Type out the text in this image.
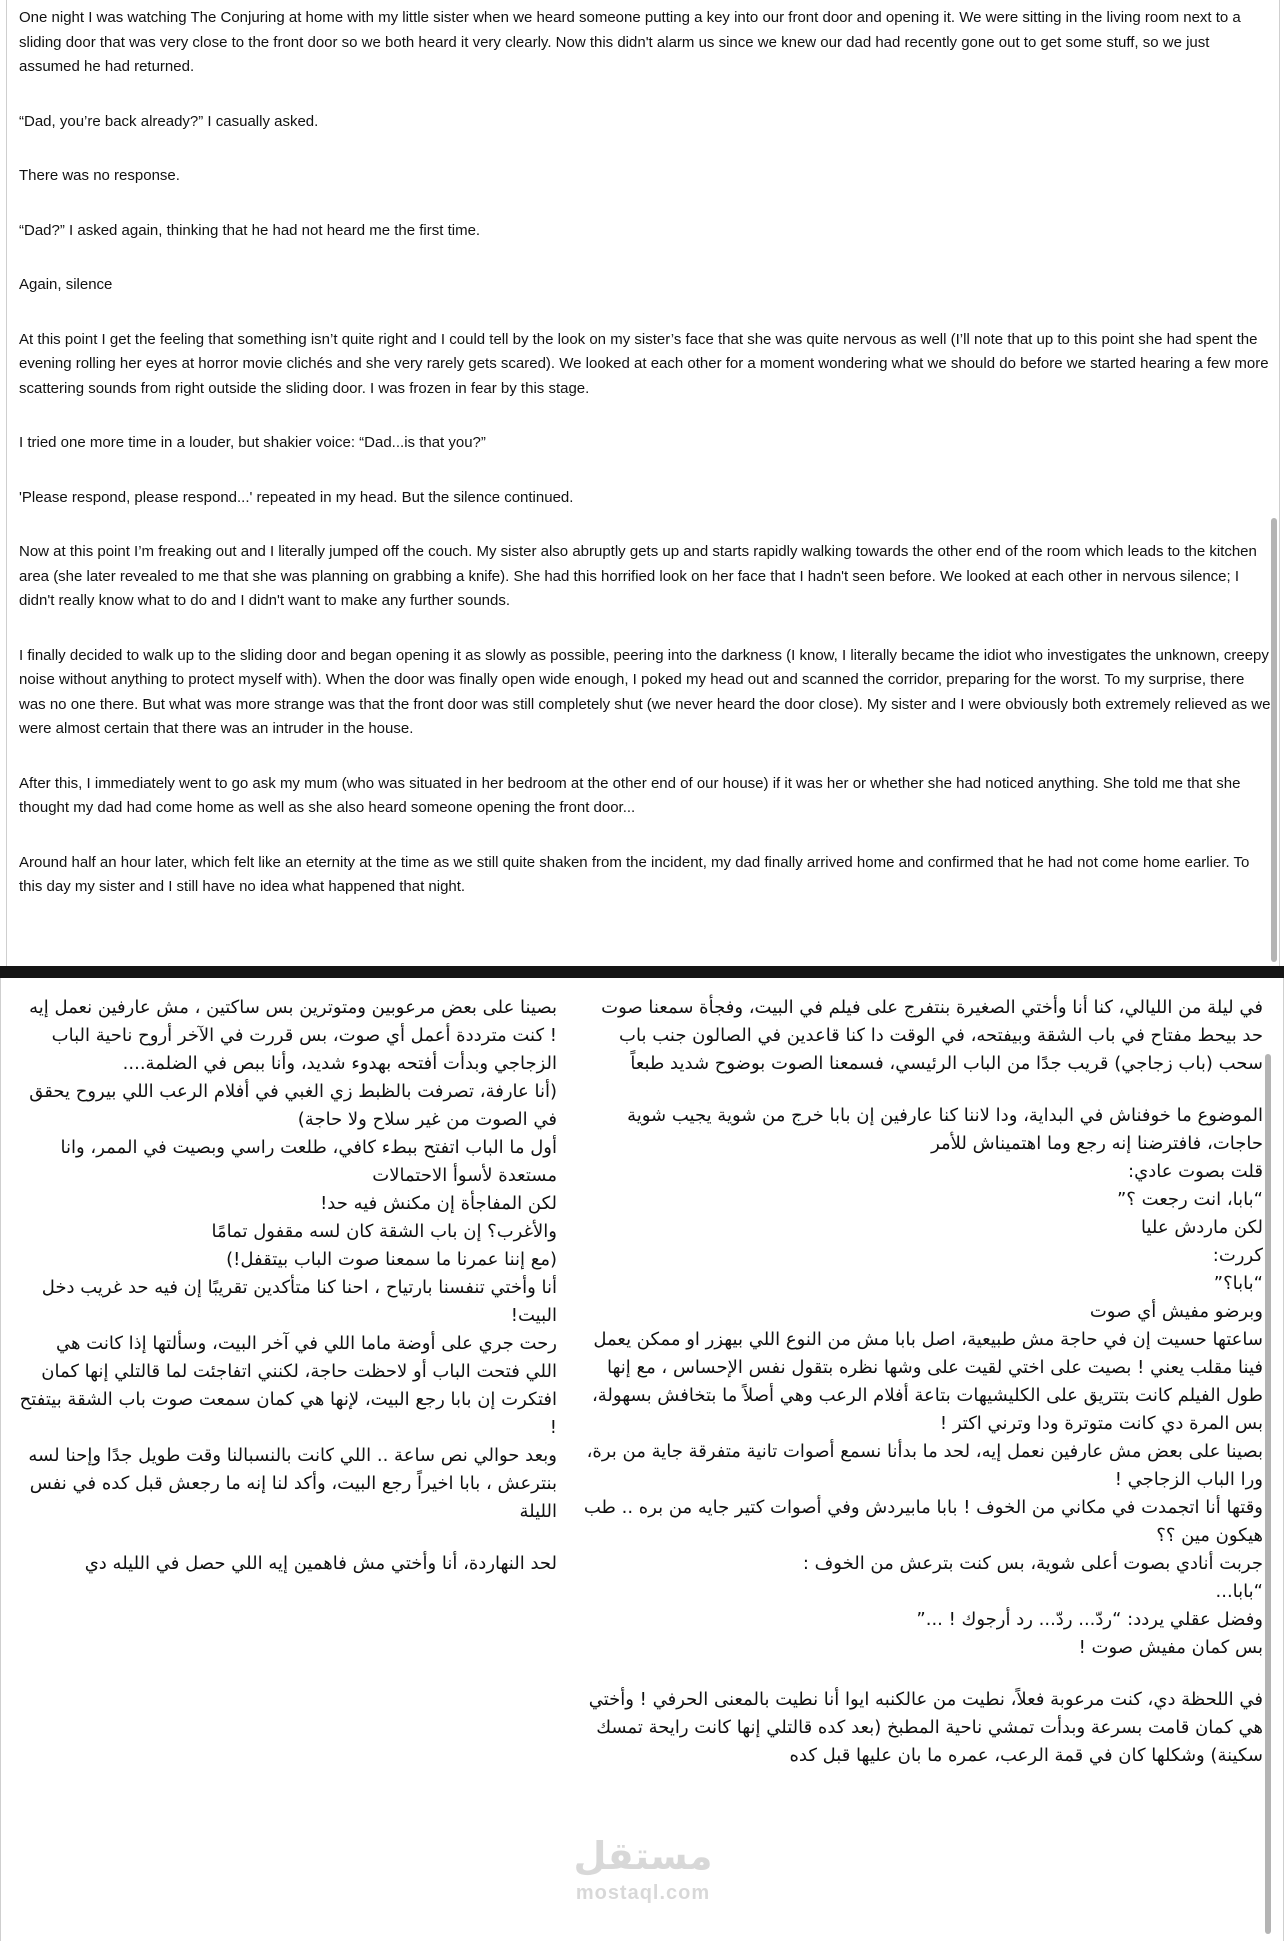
One night I was watching The Conjuring at home with my little sister when we heard someone putting a key into our front door and opening it. We were sitting in the living room next to a sliding door that was very close to the front door so we both heard it very clearly. Now this didn't alarm us since we knew our dad had recently gone out to get some stuff, so we just assumed he had returned.

“Dad, you’re back already?” I casually asked.

There was no response.

“Dad?” I asked again, thinking that he had not heard me the first time.

Again, silence

At this point I get the feeling that something isn’t quite right and I could tell by the look on my sister’s face that she was quite nervous as well (I’ll note that up to this point she had spent the evening rolling her eyes at horror movie clichés and she very rarely gets scared). We looked at each other for a moment wondering what we should do before we started hearing a few more scattering sounds from right outside the sliding door. I was frozen in fear by this stage.

I tried one more time in a louder, but shakier voice: “Dad...is that you?”

'Please respond, please respond...' repeated in my head. But the silence continued.

Now at this point I’m freaking out and I literally jumped off the couch. My sister also abruptly gets up and starts rapidly walking towards the other end of the room which leads to the kitchen area (she later revealed to me that she was planning on grabbing a knife). She had this horrified look on her face that I hadn't seen before. We looked at each other in nervous silence; I didn't really know what to do and I didn't want to make any further sounds.

I finally decided to walk up to the sliding door and began opening it as slowly as possible, peering into the darkness (I know, I literally became the idiot who investigates the unknown, creepy noise without anything to protect myself with). When the door was finally open wide enough, I poked my head out and scanned the corridor, preparing for the worst. To my surprise, there was no one there. But what was more strange was that the front door was still completely shut (we never heard the door close). My sister and I were obviously both extremely relieved as we were almost certain that there was an intruder in the house.

After this, I immediately went to go ask my mum (who was situated in her bedroom at the other end of our house) if it was her or whether she had noticed anything. She told me that she thought my dad had come home as well as she also heard someone opening the front door...

Around half an hour later, which felt like an eternity at the time as we still quite shaken from the incident, my dad finally arrived home and confirmed that he had not come home earlier. To this day my sister and I still have no idea what happened that night.

في ليلة من الليالي، كنا أنا وأختي الصغيرة بنتفرج على فيلم في البيت، وفجأة سمعنا صوت حد بيحط مفتاح في باب الشقة وبيفتحه، في الوقت دا كنا قاعدين في الصالون جنب باب سحب (باب زجاجي) قريب جدًا من الباب الرئيسي، فسمعنا الصوت بوضوح شديد طبعاً

الموضوع ما خوفناش في البداية، ودا لاننا كنا عارفين إن بابا خرج من شوية يجيب شوية حاجات، فافترضنا إنه رجع وما اهتميناش للأمر

قلت بصوت عادي:

“بابا، انت رجعت ؟”

لكن ماردش عليا

كررت:

“بابا؟”

وبرضو مفيش أي صوت

ساعتها حسيت إن في حاجة مش طبيعية، اصل بابا مش من النوع اللي بيهزر او ممكن يعمل فينا مقلب يعني ! بصيت على اختي لقيت على وشها نظره بتقول نفس الإحساس ، مع إنها طول الفيلم كانت بتتريق على الكليشيهات بتاعة أفلام الرعب وهي أصلاً ما بتخافش بسهولة، بس المرة دي كانت متوترة ودا وترني اكتر !

بصينا على بعض مش عارفين نعمل إيه، لحد ما بدأنا نسمع أصوات تانية متفرقة جاية من برة، ورا الباب الزجاجي !

وقتها أنا اتجمدت في مكاني من الخوف ! بابا مابيردش وفي أصوات كتير جايه من بره .. طب هيكون مين ؟؟

جربت أنادي بصوت أعلى شوية، بس كنت بترعش من الخوف :

“بابا...

وفضل عقلي يردد: “ردّ... ردّ... رد أرجوك ! ...”

بس كمان مفيش صوت !

في اللحظة دي، كنت مرعوبة فعلاً، نطيت من عالكنبه ايوا أنا نطيت بالمعنى الحرفي ! وأختي هي كمان قامت بسرعة وبدأت تمشي ناحية المطبخ (بعد كده قالتلي إنها كانت رايحة تمسك سكينة) وشكلها كان في قمة الرعب، عمره ما بان عليها قبل كده

بصينا على بعض مرعوبين ومتوترين بس ساكتين ، مش عارفين نعمل إيه ! كنت مترددة أعمل أي صوت، بس قررت في الآخر أروح ناحية الباب الزجاجي وبدأت أفتحه بهدوء شديد، وأنا ببص في الضلمة....

(أنا عارفة، تصرفت بالظبط زي الغبي في أفلام الرعب اللي بيروح يحقق في الصوت من غير سلاح ولا حاجة)

أول ما الباب اتفتح ببطء كافي، طلعت راسي وبصيت في الممر، وانا مستعدة لأسوأ الاحتمالات

لكن المفاجأة إن مكنش فيه حد!

والأغرب؟ إن باب الشقة كان لسه مقفول تمامًا

(مع إننا عمرنا ما سمعنا صوت الباب بيتقفل!)

أنا وأختي تنفسنا بارتياح ، احنا كنا متأكدين تقريبًا إن فيه حد غريب دخل البيت!

رحت جري على أوضة ماما اللي في آخر البيت، وسألتها إذا كانت هي اللي فتحت الباب أو لاحظت حاجة، لكنني اتفاجئت لما قالتلي إنها كمان افتكرت إن بابا رجع البيت، لإنها هي كمان سمعت صوت باب الشقة بيتفتح !

وبعد حوالي نص ساعة .. اللي كانت بالنسبالنا وقت طويل جدًا وإحنا لسه بنترعش ، بابا اخيراً رجع البيت، وأكد لنا إنه ما رجعش قبل كده في نفس الليلة

لحد النهاردة، أنا وأختي مش فاهمين إيه اللي حصل في الليله دي

مستقل
mostaql.com
